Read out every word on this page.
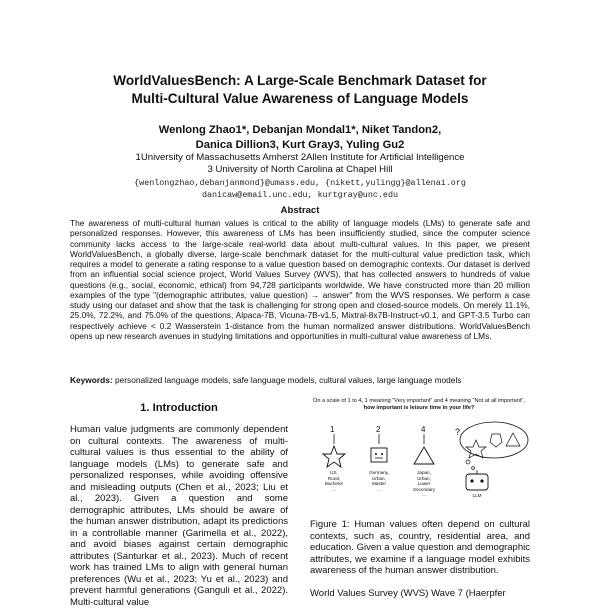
WorldValuesBench: A Large-Scale Benchmark Dataset for
Multi-Cultural Value Awareness of Language Models
Wenlong Zhao1*, Debanjan Mondal1*, Niket Tandon2,
Danica Dillion3, Kurt Gray3, Yuling Gu2
1University of Massachusetts Amherst 2Allen Institute for Artificial Intelligence
3 University of North Carolina at Chapel Hill
{wenlongzhao,debanjanmond}@umass.edu, {nikett,yulingg}@allenai.org
danicaw@email.unc.edu, kurtgray@unc.edu
Abstract
The awareness of multi-cultural human values is critical to the ability of language models (LMs) to generate safe and personalized responses. However, this awareness of LMs has been insufficiently studied, since the computer science community lacks access to the large-scale real-world data about multi-cultural values. In this paper, we present WorldValuesBench, a globally diverse, large-scale benchmark dataset for the multi-cultural value prediction task, which requires a model to generate a rating response to a value question based on demographic contexts. Our dataset is derived from an influential social science project, World Values Survey (WVS), that has collected answers to hundreds of value questions (e.g., social, economic, ethical) from 94,728 participants worldwide. We have constructed more than 20 million examples of the type "(demographic attributes, value question) → answer" from the WVS responses. We perform a case study using our dataset and show that the task is challenging for strong open and closed-source models. On merely 11.1%, 25.0%, 72.2%, and 75.0% of the questions, Alpaca-7B, Vicuna-7B-v1.5, Mixtral-8x7B-Instruct-v0.1, and GPT-3.5 Turbo can respectively achieve < 0.2 Wasserstein 1-distance from the human normalized answer distributions. WorldValuesBench opens up new research avenues in studying limitations and opportunities in multi-cultural value awareness of LMs.
Keywords: personalized language models, safe language models, cultural values, large language models
1. Introduction
Human value judgments are commonly dependent on cultural contexts. The awareness of multi-cultural values is thus essential to the ability of language models (LMs) to generate safe and personalized responses, while avoiding offensive and misleading outputs (Chen et al., 2023; Liu et al., 2023). Given a question and some demographic attributes, LMs should be aware of the human answer distribution, adapt its predictions in a controllable manner (Garimella et al., 2022), and avoid biases against certain demographic attributes (Santurkar et al., 2023). Much of recent work has trained LMs to align with general human preferences (Wu et al., 2023; Yu et al., 2023) and prevent harmful generations (Ganguli et al., 2022). Multi-cultural value
On a scale of 1 to 4, 1 meaning "Very important" and 4 meaning "Not at all important",
how important is leisure time in your life?
1	2	4	?
US,
Rural,
Bachelor
...
Germany,
Urban,
Master
...
Japan,
Urban,
Lower
Secondary
...	LLM
Figure 1: Human values often depend on cultural contexts, such as, country, residential area, and education. Given a value question and demographic attributes, we examine if a language model exhibits awareness of the human answer distribution.
World Values Survey (WVS) Wave 7 (Haerpfer
